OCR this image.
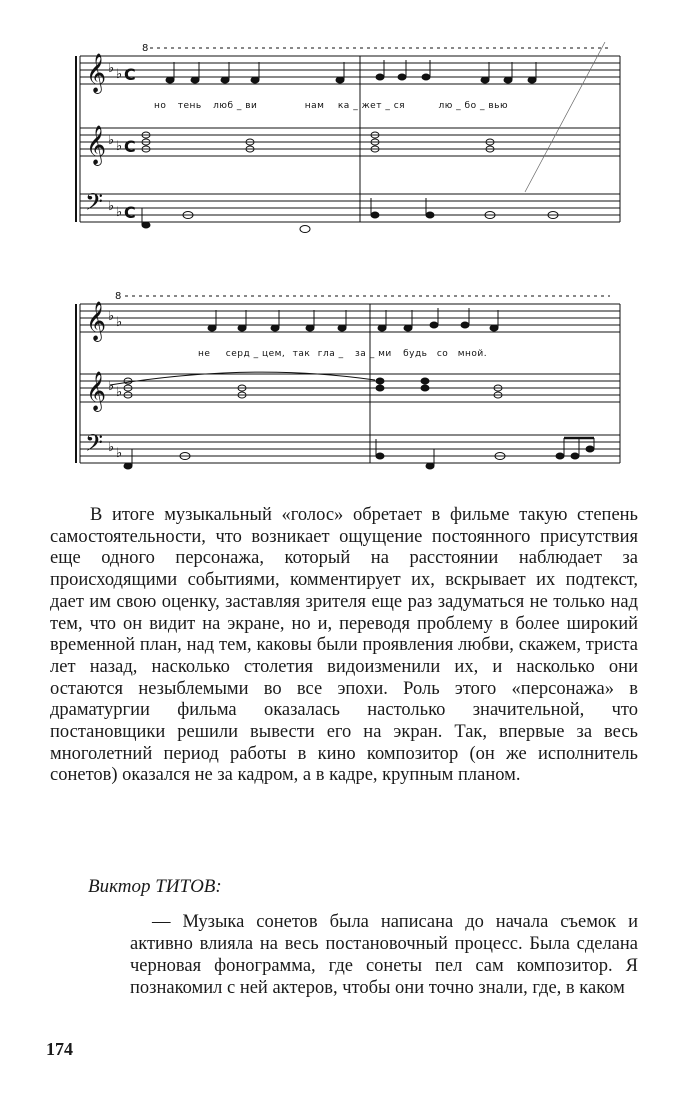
8
𝄞
𝄞
𝄢
♭ ♭ C
♭ ♭ C
♭ ♭ C
но тень люб _ ви	нам ка _ жет _ ся	лю _ бо _ вью
8
𝄞
𝄞
𝄢
♭ ♭
♭ ♭
♭ ♭
не серд _ цем, так гла _ за _ ми будь со мной.

В итоге музыкальный «голос» обретает в фильме такую степень самостоятельности, что возникает ощущение постоянного присутствия еще одного персонажа, который на расстоянии наблюдает за происходящими событиями, комментирует их, вскрывает их подтекст, дает им свою оценку, заставляя зрителя еще раз задуматься не только над тем, что он видит на экране, но и, переводя проблему в более широкий временной план, над тем, каковы были проявления любви, скажем, триста лет назад, насколько столетия видоизменили их, и насколько они остаются незыблемыми во все эпохи. Роль этого «персонажа» в драматургии фильма оказалась настолько значительной, что постановщики решили вывести его на экран. Так, впервые за весь многолетний период работы в кино композитор (он же исполнитель сонетов) оказался не за кадром, а в кадре, крупным планом.

Виктор ТИТОВ:

— Музыка сонетов была написана до начала съемок и активно влияла на весь постановочный процесс. Была сделана черновая фонограмма, где сонеты пел сам композитор. Я познакомил с ней актеров, чтобы они точно знали, где, в каком

174
